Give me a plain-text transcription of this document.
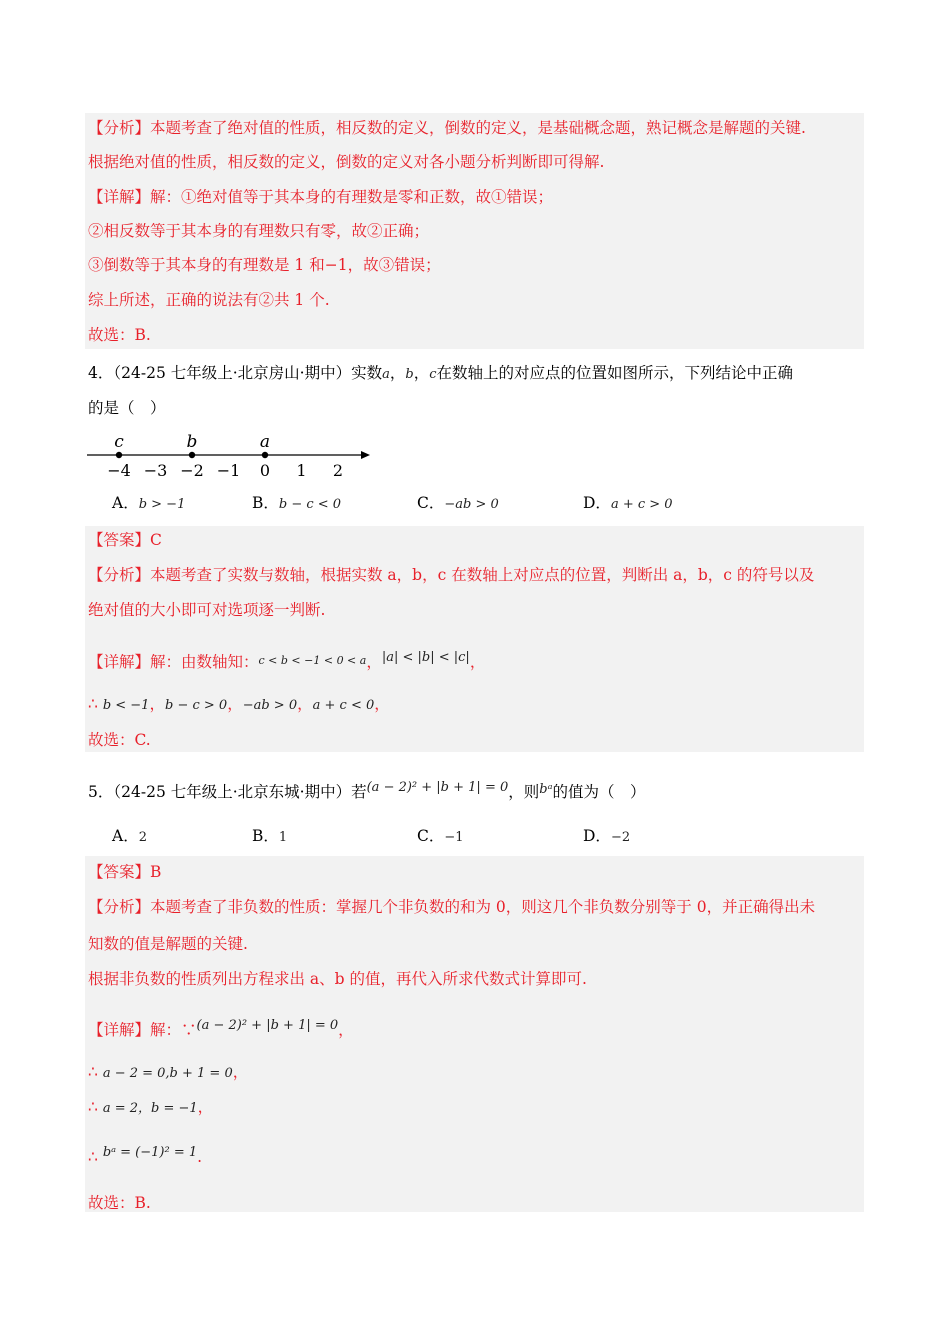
【分析】本题考查了绝对值的性质，相反数的定义，倒数的定义，是基础概念题，熟记概念是解题的关键.
根据绝对值的性质，相反数的定义，倒数的定义对各小题分析判断即可得解.
【详解】解：①绝对值等于其本身的有理数是零和正数，故①错误；
②相反数等于其本身的有理数只有零，故②正确；
③倒数等于其本身的有理数是 1 和−1，故③错误；
综上所述，正确的说法有②共 1 个.
故选：B.
4．（24-25 七年级上·北京房山·期中）实数a，b，c在数轴上的对应点的位置如图所示，下列结论中正确
的是（　）
−4 −3 −2 −1 0 1 2
c	b	a
A．b > −1	B．b − c < 0	C．−ab > 0	D．a + c > 0
【答案】C
【分析】本题考查了实数与数轴，根据实数 a，b，c 在数轴上对应点的位置，判断出 a，b，c 的符号以及
绝对值的大小即可对选项逐一判断.
【详解】解：由数轴知：c < b < −1 < 0 < a，$^{|a| < |b| < |c|}$，
∴ b < −1，b − c > 0，−ab > 0，a + c < 0，
故选：C.
5．（24-25 七年级上·北京东城·期中）若$^{(a - 2)^2 + |b + 1| = 0}$，则$^{bᵃ}$的值为（　）
A．2	B．1	C．−1	D．−2
【答案】B
【分析】本题考查了非负数的性质：掌握几个非负数的和为 0，则这几个非负数分别等于 0，并正确得出未
知数的值是解题的关键.
根据非负数的性质列出方程求出 a、b 的值，再代入所求代数式计算即可.
【详解】解：∵$^{(a - 2)^2 + |b + 1| = 0}$，
∴ a − 2 = 0,b + 1 = 0，
∴ a = 2，b = −1，
∴ $^{bᵃ = (-1)^2 = 1}$.
故选：B.
